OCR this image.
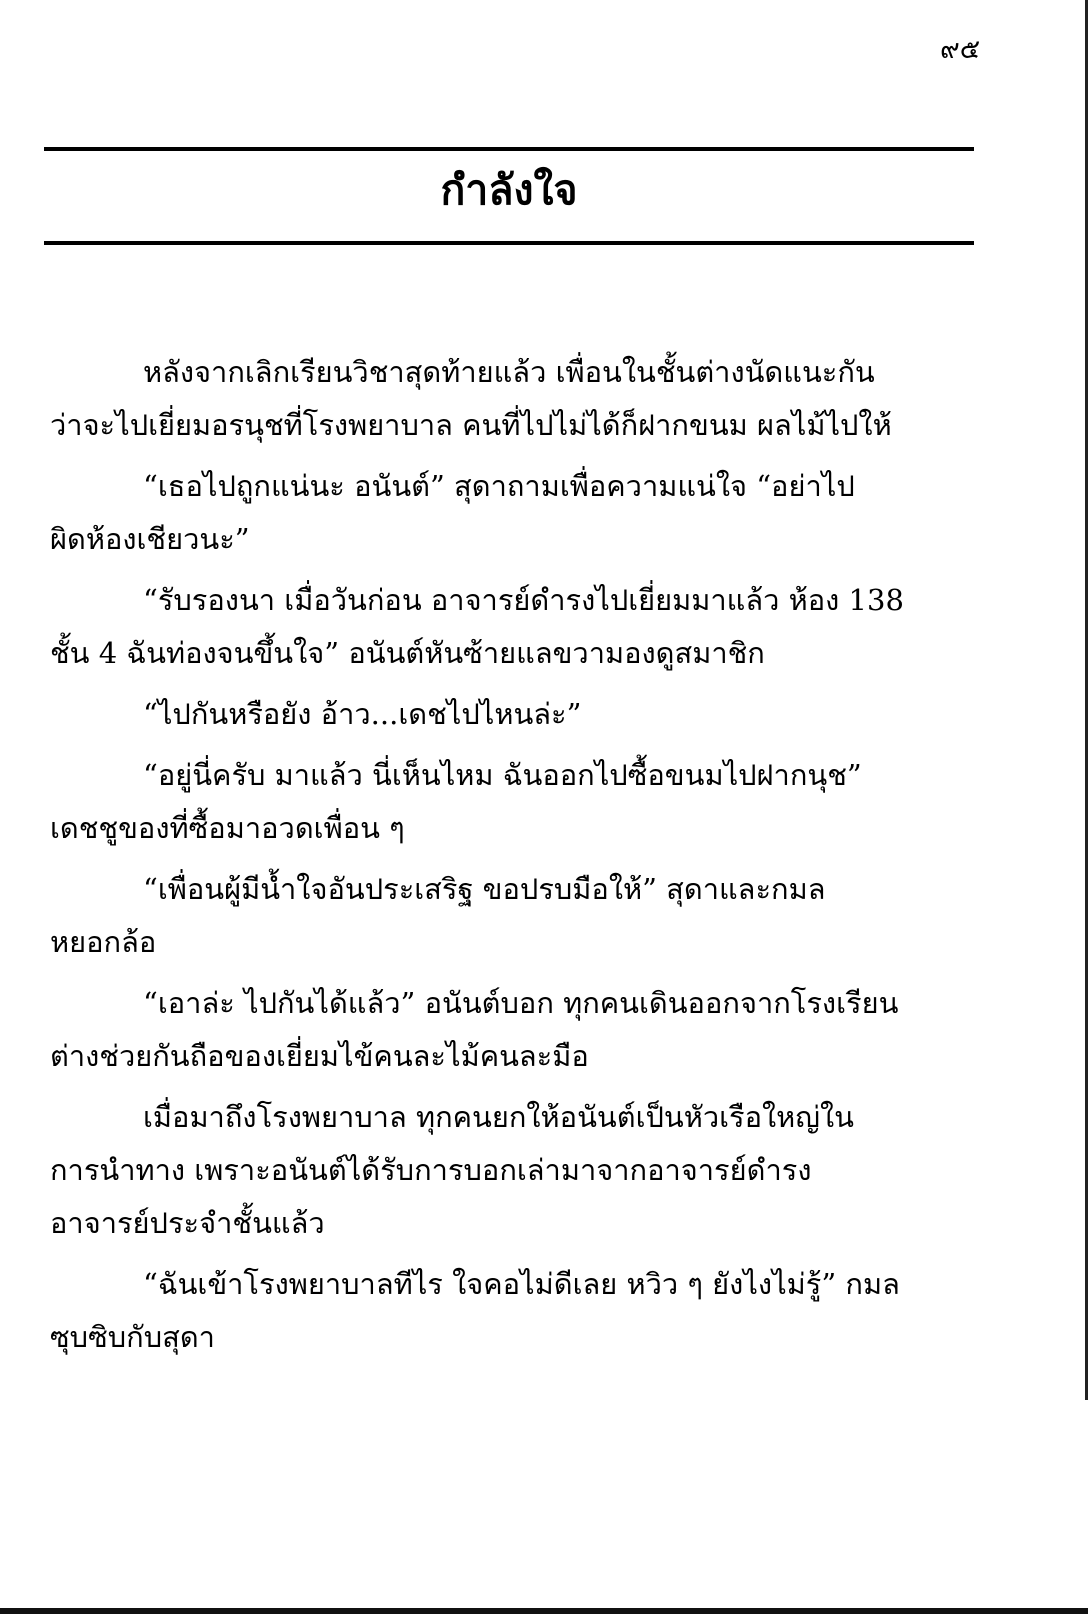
๙๕
กำลังใจ

หลังจากเลิกเรียนวิชาสุดท้ายแล้ว เพื่อนในชั้นต่างนัดแนะกัน
ว่าจะไปเยี่ยมอรนุชที่โรงพยาบาล คนที่ไปไม่ได้ก็ฝากขนม ผลไม้ไปให้

“เธอไปถูกแน่นะ อนันต์” สุดาถามเพื่อความแน่ใจ “อย่าไป
ผิดห้องเชียวนะ”

“รับรองนา เมื่อวันก่อน อาจารย์ดำรงไปเยี่ยมมาแล้ว ห้อง 138
ชั้น 4 ฉันท่องจนขึ้นใจ” อนันต์หันซ้ายแลขวามองดูสมาชิก

“ไปกันหรือยัง อ้าว...เดชไปไหนล่ะ”

“อยู่นี่ครับ มาแล้ว นี่เห็นไหม ฉันออกไปซื้อขนมไปฝากนุช”
เดชชูของที่ซื้อมาอวดเพื่อน ๆ

“เพื่อนผู้มีน้ำใจอันประเสริฐ ขอปรบมือให้” สุดาและกมล
หยอกล้อ

“เอาล่ะ ไปกันได้แล้ว” อนันต์บอก ทุกคนเดินออกจากโรงเรียน
ต่างช่วยกันถือของเยี่ยมไข้คนละไม้คนละมือ

เมื่อมาถึงโรงพยาบาล ทุกคนยกให้อนันต์เป็นหัวเรือใหญ่ใน
การนำทาง เพราะอนันต์ได้รับการบอกเล่ามาจากอาจารย์ดำรง
อาจารย์ประจำชั้นแล้ว

“ฉันเข้าโรงพยาบาลทีไร ใจคอไม่ดีเลย หวิว ๆ ยังไงไม่รู้” กมล
ซุบซิบกับสุดา
